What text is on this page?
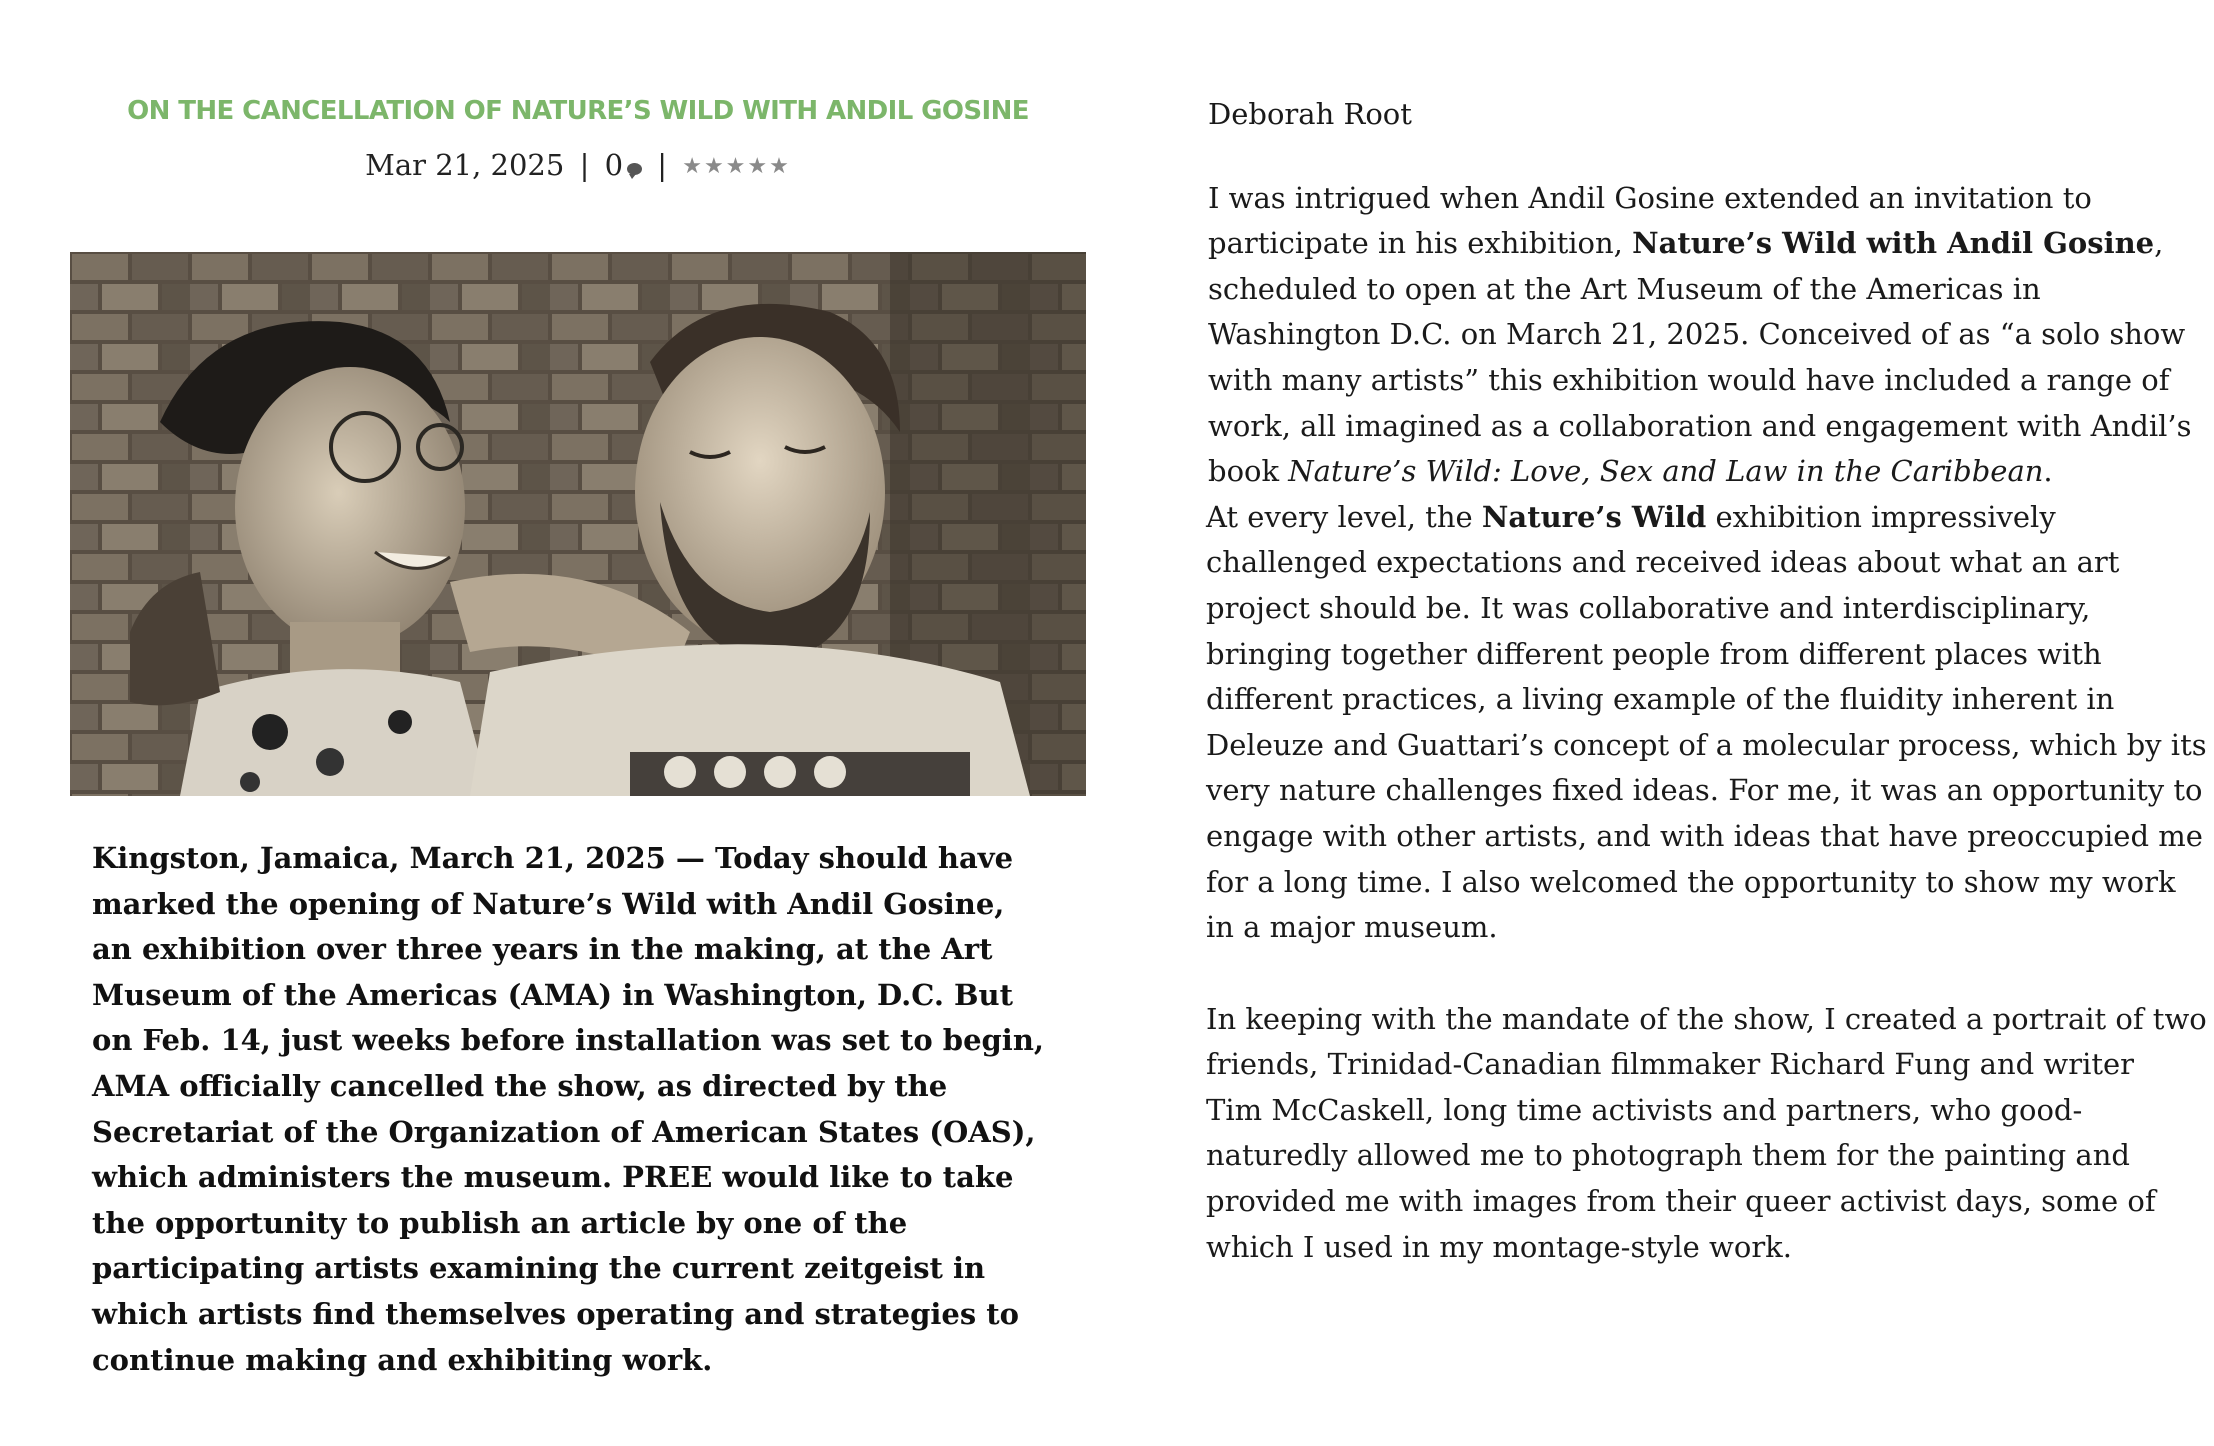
ON THE CANCELLATION OF NATURE’S WILD WITH ANDIL GOSINE
Mar 21, 2025 | 0 | ★★★★★
Kingston, Jamaica, March 21, 2025 — Today should have
marked the opening of Nature’s Wild with Andil Gosine,
an exhibition over three years in the making, at the Art
Museum of the Americas (AMA) in Washington, D.C. But
on Feb. 14, just weeks before installation was set to begin,
AMA officially cancelled the show, as directed by the
Secretariat of the Organization of American States (OAS),
which administers the museum. PREE would like to take
the opportunity to publish an article by one of the
participating artists examining the current zeitgeist in
which artists find themselves operating and strategies to
continue making and exhibiting work.
Deborah Root
I was intrigued when Andil Gosine extended an invitation to
participate in his exhibition, Nature’s Wild with Andil Gosine,
scheduled to open at the Art Museum of the Americas in
Washington D.C. on March 21, 2025. Conceived of as “a solo show
with many artists” this exhibition would have included a range of
work, all imagined as a collaboration and engagement with Andil’s
book Nature’s Wild: Love, Sex and Law in the Caribbean.
At every level, the Nature’s Wild exhibition impressively
challenged expectations and received ideas about what an art
project should be. It was collaborative and interdisciplinary,
bringing together different people from different places with
different practices, a living example of the fluidity inherent in
Deleuze and Guattari’s concept of a molecular process, which by its
very nature challenges fixed ideas. For me, it was an opportunity to
engage with other artists, and with ideas that have preoccupied me
for a long time. I also welcomed the opportunity to show my work
in a major museum.
In keeping with the mandate of the show, I created a portrait of two
friends, Trinidad-Canadian filmmaker Richard Fung and writer
Tim McCaskell, long time activists and partners, who good-
naturedly allowed me to photograph them for the painting and
provided me with images from their queer activist days, some of
which I used in my montage-style work.
